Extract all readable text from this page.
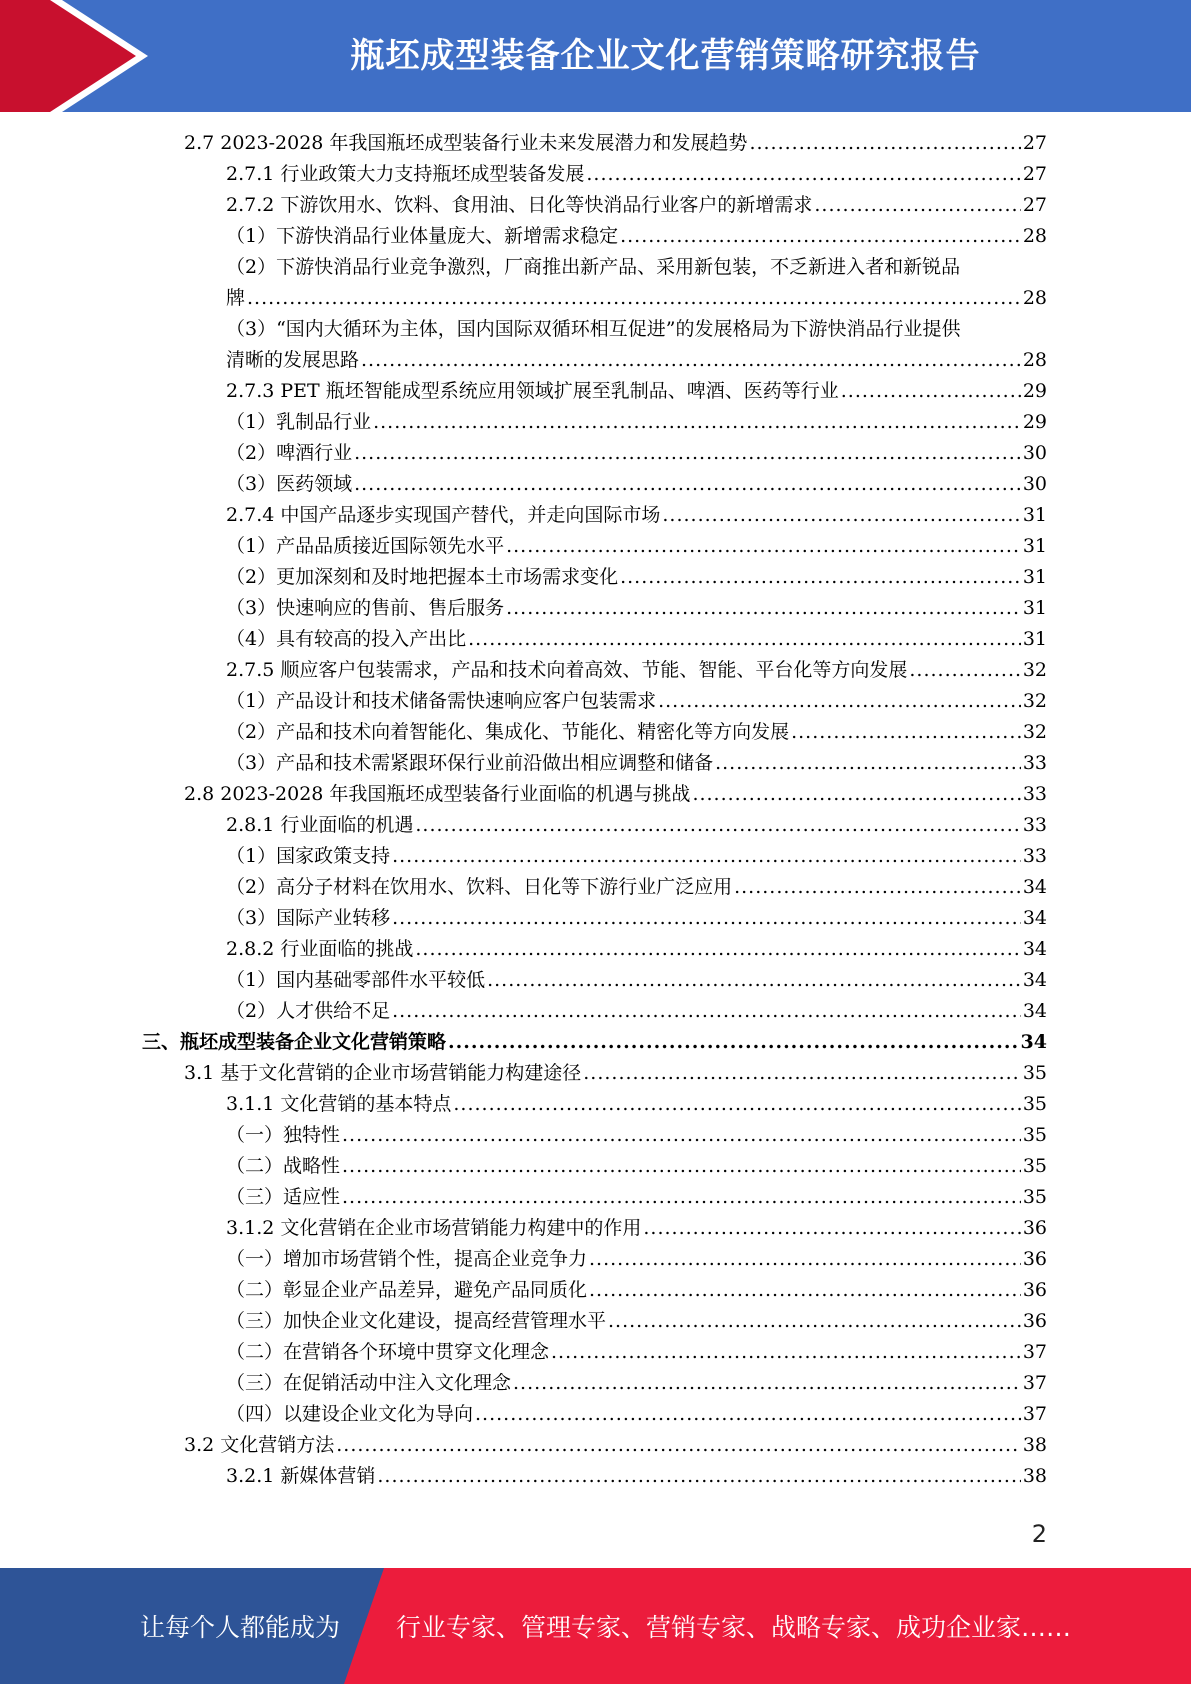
瓶坯成型装备企业文化营销策略研究报告
2.7 2023-2028 年我国瓶坯成型装备行业未来发展潜力和发展趋势 .....	27
2.7.1 行业政策大力支持瓶坯成型装备发展 .....	27
2.7.2 下游饮用水、饮料、食用油、日化等快消品行业客户的新增需求 .....	27
（1）下游快消品行业体量庞大、新增需求稳定 .....	28
（2）下游快消品行业竞争激烈，厂商推出新产品、采用新包装，不乏新进入者和新锐品
牌 .....	28
（3）“国内大循环为主体，国内国际双循环相互促进”的发展格局为下游快消品行业提供
清晰的发展思路 .....	28
2.7.3 PET 瓶坯智能成型系统应用领域扩展至乳制品、啤酒、医药等行业 .....	29
（1）乳制品行业 .....	29
（2）啤酒行业 .....	30
（3）医药领域 .....	30
2.7.4 中国产品逐步实现国产替代，并走向国际市场 .....	31
（1）产品品质接近国际领先水平 .....	31
（2）更加深刻和及时地把握本土市场需求变化 .....	31
（3）快速响应的售前、售后服务 .....	31
（4）具有较高的投入产出比 .....	31
2.7.5 顺应客户包装需求，产品和技术向着高效、节能、智能、平台化等方向发展 .....	32
（1）产品设计和技术储备需快速响应客户包装需求 .....	32
（2）产品和技术向着智能化、集成化、节能化、精密化等方向发展 .....	32
（3）产品和技术需紧跟环保行业前沿做出相应调整和储备 .....	33
2.8 2023-2028 年我国瓶坯成型装备行业面临的机遇与挑战 .....	33
2.8.1 行业面临的机遇 .....	33
（1）国家政策支持 .....	33
（2）高分子材料在饮用水、饮料、日化等下游行业广泛应用 .....	34
（3）国际产业转移 .....	34
2.8.2 行业面临的挑战 .....	34
（1）国内基础零部件水平较低 .....	34
（2）人才供给不足 .....	34
三、瓶坯成型装备企业文化营销策略 .....	34
3.1 基于文化营销的企业市场营销能力构建途径 .....	35
3.1.1 文化营销的基本特点 .....	35
（一）独特性 .....	35
（二）战略性 .....	35
（三）适应性 .....	35
3.1.2 文化营销在企业市场营销能力构建中的作用 .....	36
（一）增加市场营销个性，提高企业竞争力 .....	36
（二）彰显企业产品差异，避免产品同质化 .....	36
（三）加快企业文化建设，提高经营管理水平 .....	36
（二）在营销各个环境中贯穿文化理念 .....	37
（三）在促销活动中注入文化理念 .....	37
（四）以建设企业文化为导向 .....	37
3.2 文化营销方法 .....	38
3.2.1 新媒体营销 .....	38
2
让每个人都能成为 行业专家、管理专家、营销专家、战略专家、成功企业家……
